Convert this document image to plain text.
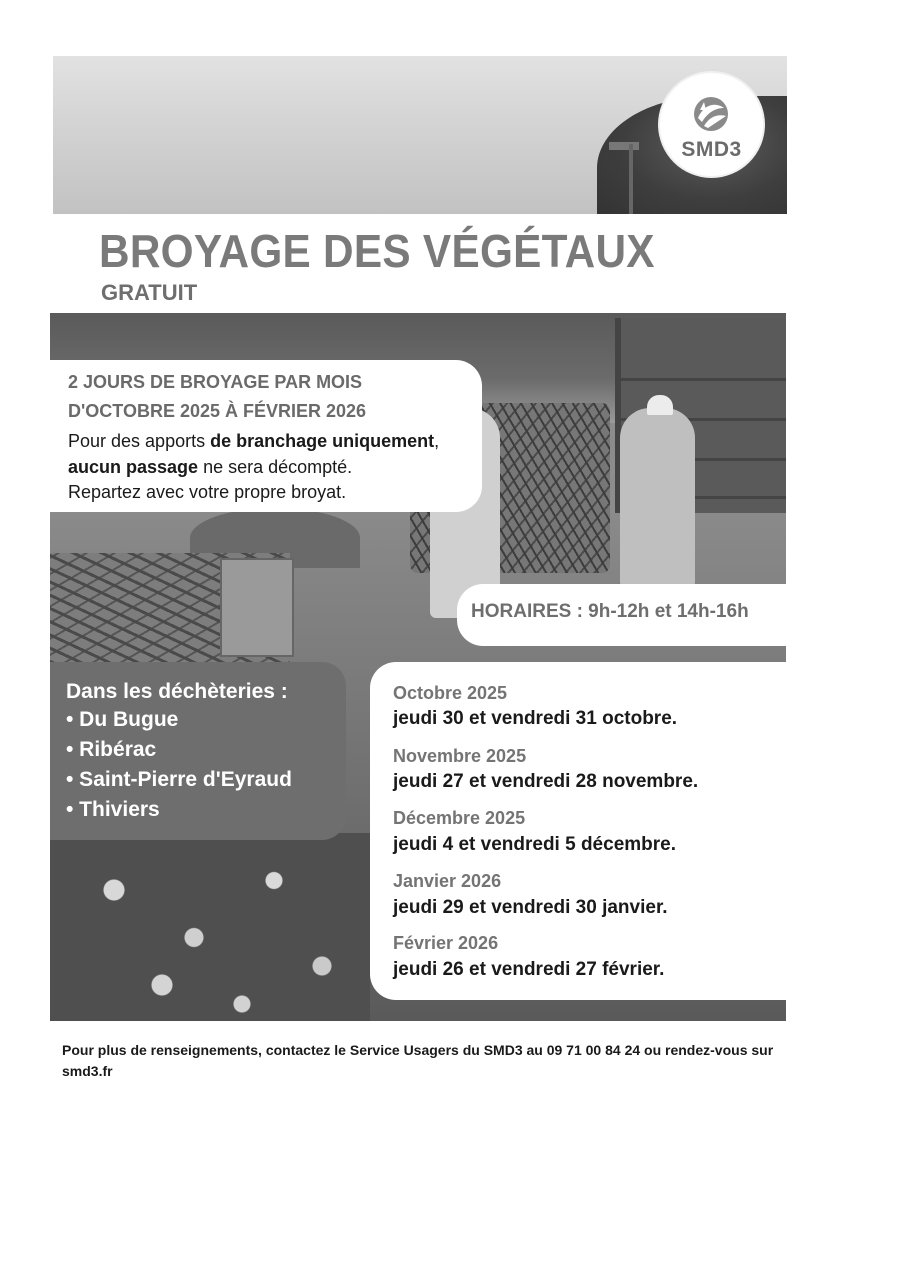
SMD3
BROYAGE DES VÉGÉTAUX
GRATUIT
2 JOURS DE BROYAGE PAR MOIS
D'OCTOBRE 2025 À FÉVRIER 2026
Pour des apports de branchage uniquement,
aucun passage ne sera décompté.
Repartez avec votre propre broyat.
HORAIRES : 9h-12h et 14h-16h
Dans les déchèteries :
• Du Bugue
• Ribérac
• Saint-Pierre d'Eyraud
• Thiviers
Octobre 2025
jeudi 30 et vendredi 31 octobre.
Novembre 2025
jeudi 27 et vendredi 28 novembre.
Décembre 2025
jeudi 4 et vendredi 5 décembre.
Janvier 2026
jeudi 29 et vendredi 30 janvier.
Février 2026
jeudi 26 et vendredi 27 février.
Pour plus de renseignements, contactez le Service Usagers du SMD3 au 09 71 00 84 24 ou rendez-vous sur smd3.fr
